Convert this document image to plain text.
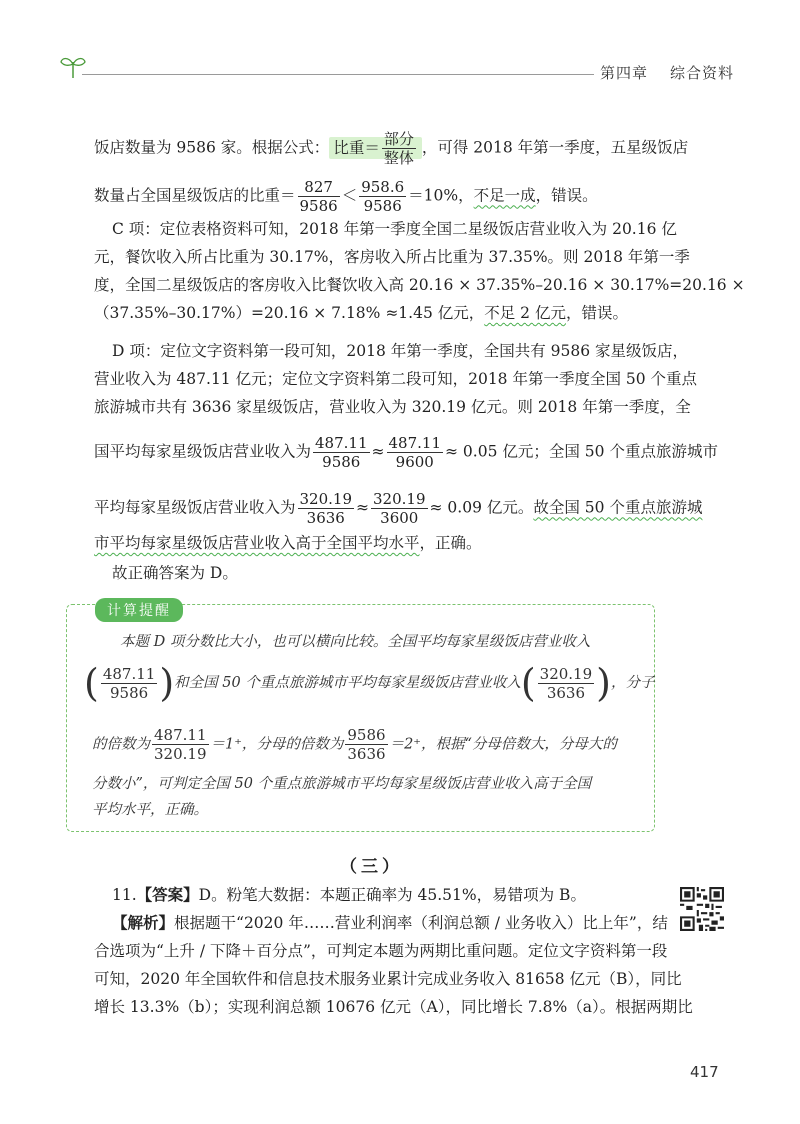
第四章 综合资料
饭店数量为 9586 家。根据公式： 比重＝ $\frac{\text{部分}}{\text{整体}}$ ，可得 2018 年第一季度，五星级饭店
数量占全国星级饭店的比重＝ $\frac{827}{9586} < \frac{958.6}{9586} =10\%$，不足一成，错误。
C 项：定位表格资料可知，2018 年第一季度全国二星级饭店营业收入为 20.16 亿
元，餐饮收入所占比重为 30.17%，客房收入所占比重为 37.35%。则 2018 年第一季
度，全国二星级饭店的客房收入比餐饮收入高 20.16 × 37.35%–20.16 × 30.17%=20.16 ×
（37.35%–30.17%）=20.16 × 7.18% ≈1.45 亿元，不足 2 亿元，错误。
D 项：定位文字资料第一段可知，2018 年第一季度，全国共有 9586 家星级饭店，
营业收入为 487.11 亿元；定位文字资料第二段可知，2018 年第一季度全国 50 个重点
旅游城市共有 3636 家星级饭店，营业收入为 320.19 亿元。则 2018 年第一季度，全
国平均每家星级饭店营业收入为 $\frac{487.11}{9586} \approx \frac{487.11}{9600} \approx 0.05$ 亿元；全国 50 个重点旅游城市
平均每家星级饭店营业收入为 $\frac{320.19}{3636} \approx \frac{320.19}{3600} \approx 0.09$ 亿元。故全国 50 个重点旅游城
市平均每家星级饭店营业收入高于全国平均水平，正确。
故正确答案为 D。
计算提醒
本题 D 项分数比大小，也可以横向比较。全国平均每家星级饭店营业收入
( $\frac{487.11}{9586}$ )和全国 50 个重点旅游城市平均每家星级饭店营业收入( $\frac{320.19}{3636}$ )，分子
的倍数为 $\frac{487.11}{320.19} =1^+$，分母的倍数为 $\frac{9586}{3636} =2^+$，根据“分母倍数大，分母大的
分数小”，可判定全国 50 个重点旅游城市平均每家星级饭店营业收入高于全国
平均水平，正确。
（三）
11.【答案】D。粉笔大数据：本题正确率为 45.51%，易错项为 B。
【解析】根据题干“2020 年……营业利润率（利润总额 / 业务收入）比上年”，结
合选项为“上升 / 下降＋百分点”，可判定本题为两期比重问题。定位文字资料第一段
可知，2020 年全国软件和信息技术服务业累计完成业务收入 81658 亿元（B），同比
增长 13.3%（b）；实现利润总额 10676 亿元（A），同比增长 7.8%（a）。根据两期比
417
